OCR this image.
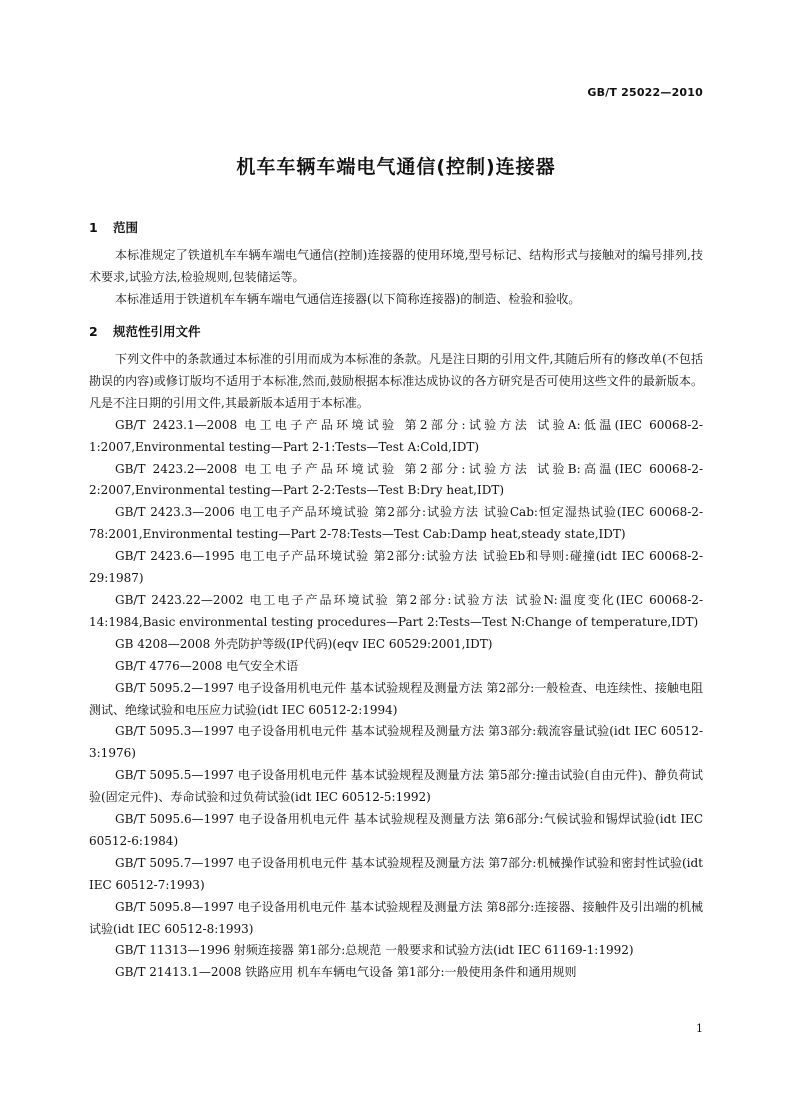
GB/T 25022—2010
机车车辆车端电气通信(控制)连接器
1 范围

本标准规定了铁道机车车辆车端电气通信(控制)连接器的使用环境,型号标记、结构形式与接触对的编号排列,技术要求,试验方法,检验规则,包装储运等。

本标准适用于铁道机车车辆车端电气通信连接器(以下简称连接器)的制造、检验和验收。

2 规范性引用文件

下列文件中的条款通过本标准的引用而成为本标准的条款。凡是注日期的引用文件,其随后所有的修改单(不包括勘误的内容)或修订版均不适用于本标准,然而,鼓励根据本标准达成协议的各方研究是否可使用这些文件的最新版本。凡是不注日期的引用文件,其最新版本适用于本标准。

GB/T 2423.1—2008 电工电子产品环境试验 第2部分:试验方法 试验A:低温(IEC 60068-2-1:2007,Environmental testing—Part 2-1:Tests—Test A:Cold,IDT)

GB/T 2423.2—2008 电工电子产品环境试验 第2部分:试验方法 试验B:高温(IEC 60068-2-2:2007,Environmental testing—Part 2-2:Tests—Test B:Dry heat,IDT)

GB/T 2423.3—2006 电工电子产品环境试验 第2部分:试验方法 试验Cab:恒定湿热试验(IEC 60068-2-78:2001,Environmental testing—Part 2-78:Tests—Test Cab:Damp heat,steady state,IDT)

GB/T 2423.6—1995 电工电子产品环境试验 第2部分:试验方法 试验Eb和导则:碰撞(idt IEC 60068-2-29:1987)

GB/T 2423.22—2002 电工电子产品环境试验 第2部分:试验方法 试验N:温度变化(IEC 60068-2-14:1984,Basic environmental testing procedures—Part 2:Tests—Test N:Change of temperature,IDT)

GB 4208—2008 外壳防护等级(IP代码)(eqv IEC 60529:2001,IDT)

GB/T 4776—2008 电气安全术语

GB/T 5095.2—1997 电子设备用机电元件 基本试验规程及测量方法 第2部分:一般检查、电连续性、接触电阻测试、绝缘试验和电压应力试验(idt IEC 60512-2:1994)

GB/T 5095.3—1997 电子设备用机电元件 基本试验规程及测量方法 第3部分:载流容量试验(idt IEC 60512-3:1976)

GB/T 5095.5—1997 电子设备用机电元件 基本试验规程及测量方法 第5部分:撞击试验(自由元件)、静负荷试验(固定元件)、寿命试验和过负荷试验(idt IEC 60512-5:1992)

GB/T 5095.6—1997 电子设备用机电元件 基本试验规程及测量方法 第6部分:气候试验和锡焊试验(idt IEC 60512-6:1984)

GB/T 5095.7—1997 电子设备用机电元件 基本试验规程及测量方法 第7部分:机械操作试验和密封性试验(idt IEC 60512-7:1993)

GB/T 5095.8—1997 电子设备用机电元件 基本试验规程及测量方法 第8部分:连接器、接触件及引出端的机械试验(idt IEC 60512-8:1993)

GB/T 11313—1996 射频连接器 第1部分:总规范 一般要求和试验方法(idt IEC 61169-1:1992)

GB/T 21413.1—2008 铁路应用 机车车辆电气设备 第1部分:一般使用条件和通用规则

1
